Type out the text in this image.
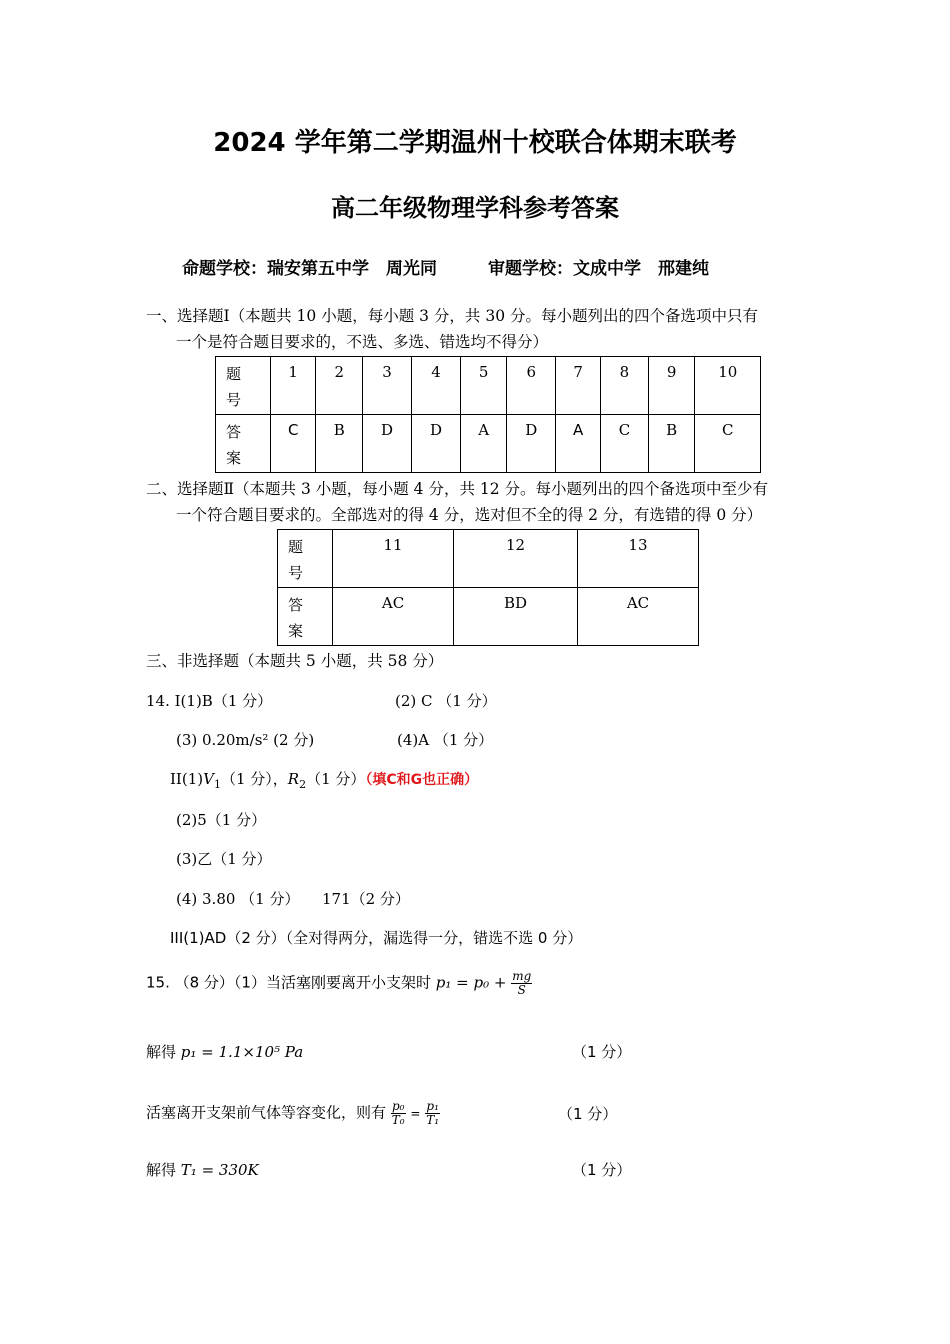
2024 学年第二学期温州十校联合体期末联考
高二年级物理学科参考答案
命题学校：瑞安第五中学　周光同　　　审题学校：文成中学　邢建纯
一、选择题Ⅰ（本题共 10 小题，每小题 3 分，共 30 分。每小题列出的四个备选项中只有
一个是符合题目要求的，不选、多选、错选均不得分）
题号	1	2	3	4	5	6	7	8	9	10

答案	C	B	D	D	A	D	A	C	B	C
二、选择题Ⅱ（本题共 3 小题，每小题 4 分，共 12 分。每小题列出的四个备选项中至少有
一个符合题目要求的。全部选对的得 4 分，选对但不全的得 2 分，有选错的得 0 分）
题号	11	12	13

答案	AC	BD	AC
三、非选择题（本题共 5 小题，共 58 分）
14. I(1)B（1 分）	(2) C （1 分）
(3) 0.20m/s² (2 分)	(4)A （1 分）
$II(1)V_1(1$ 分），$R_2(1$ 分）（填C和G也正确）
(2)5（1 分）
(3)乙（1 分）
(4) 3.80 （1 分）　　171（2 分）
III(1)AD（2 分）（全对得两分，漏选得一分，错选不选 0 分）
15. （8 分）（1）当活塞刚要离开小支架时 $p_1 = p_0 + \frac{mg}{S}$
解得 p₁ = 1.1×10⁵ Pa	（1 分）
活塞离开支架前气体等容变化，则有 $\frac{\text{p₀}}{\text{T₀}} = \frac{\text{p₁}}{\text{T₁}}$	（1 分）
解得 T₁ = 330K	（1 分）
